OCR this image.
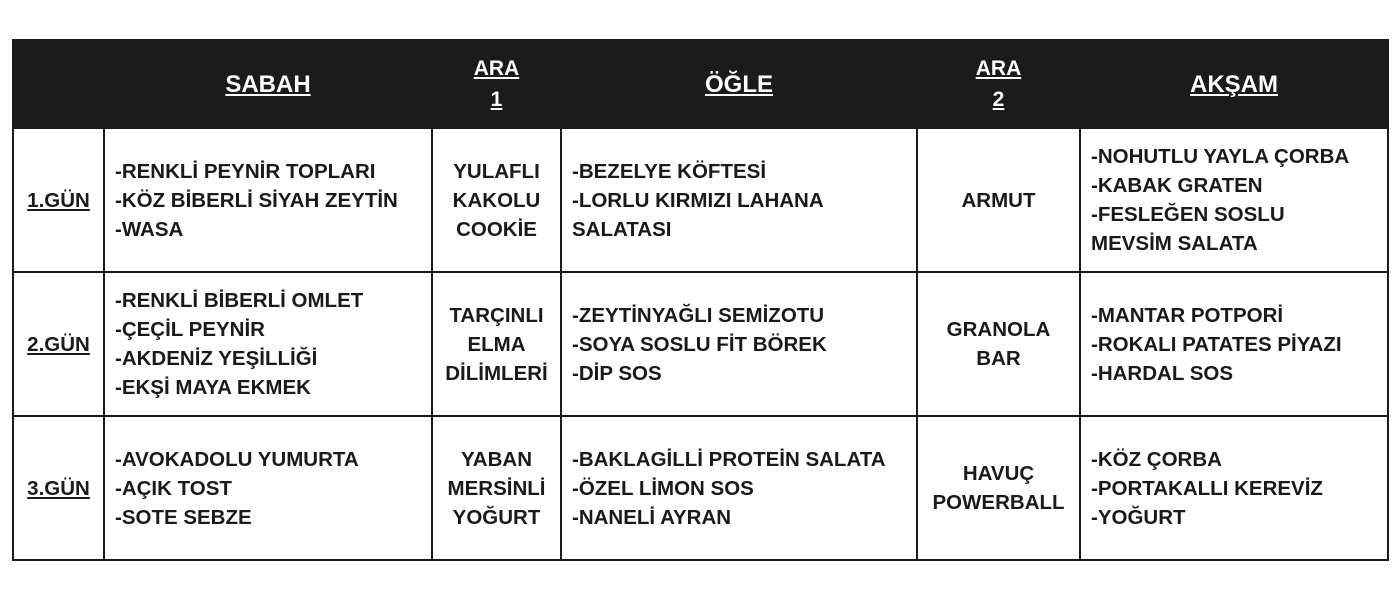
	SABAH	ARA
1	ÖĞLE	ARA
2	AKŞAM
1.GÜN	-RENKLİ PEYNİR TOPLARI
-KÖZ BİBERLİ SİYAH ZEYTİN
-WASA	YULAFLI
KAKOLU
COOKİE	-BEZELYE KÖFTESİ
-LORLU KIRMIZI LAHANA
SALATASI	ARMUT	-NOHUTLU YAYLA ÇORBA
-KABAK GRATEN
-FESLEĞEN SOSLU
MEVSİM SALATA

2.GÜN	-RENKLİ BİBERLİ OMLET
-ÇEÇİL PEYNİR
-AKDENİZ YEŞİLLİĞİ
-EKŞİ MAYA EKMEK	TARÇINLI
ELMA
DİLİMLERİ	-ZEYTİNYAĞLI SEMİZOTU
-SOYA SOSLU FİT BÖREK
-DİP SOS	GRANOLA
BAR	-MANTAR POTPORİ
-ROKALI PATATES PİYAZI
-HARDAL SOS

3.GÜN	-AVOKADOLU YUMURTA
-AÇIK TOST
-SOTE SEBZE	YABAN
MERSİNLİ
YOĞURT	-BAKLAGİLLİ PROTEİN SALATA
-ÖZEL LİMON SOS
-NANELİ AYRAN	HAVUÇ
POWERBALL	-KÖZ ÇORBA
-PORTAKALLI KEREVİZ
-YOĞURT
